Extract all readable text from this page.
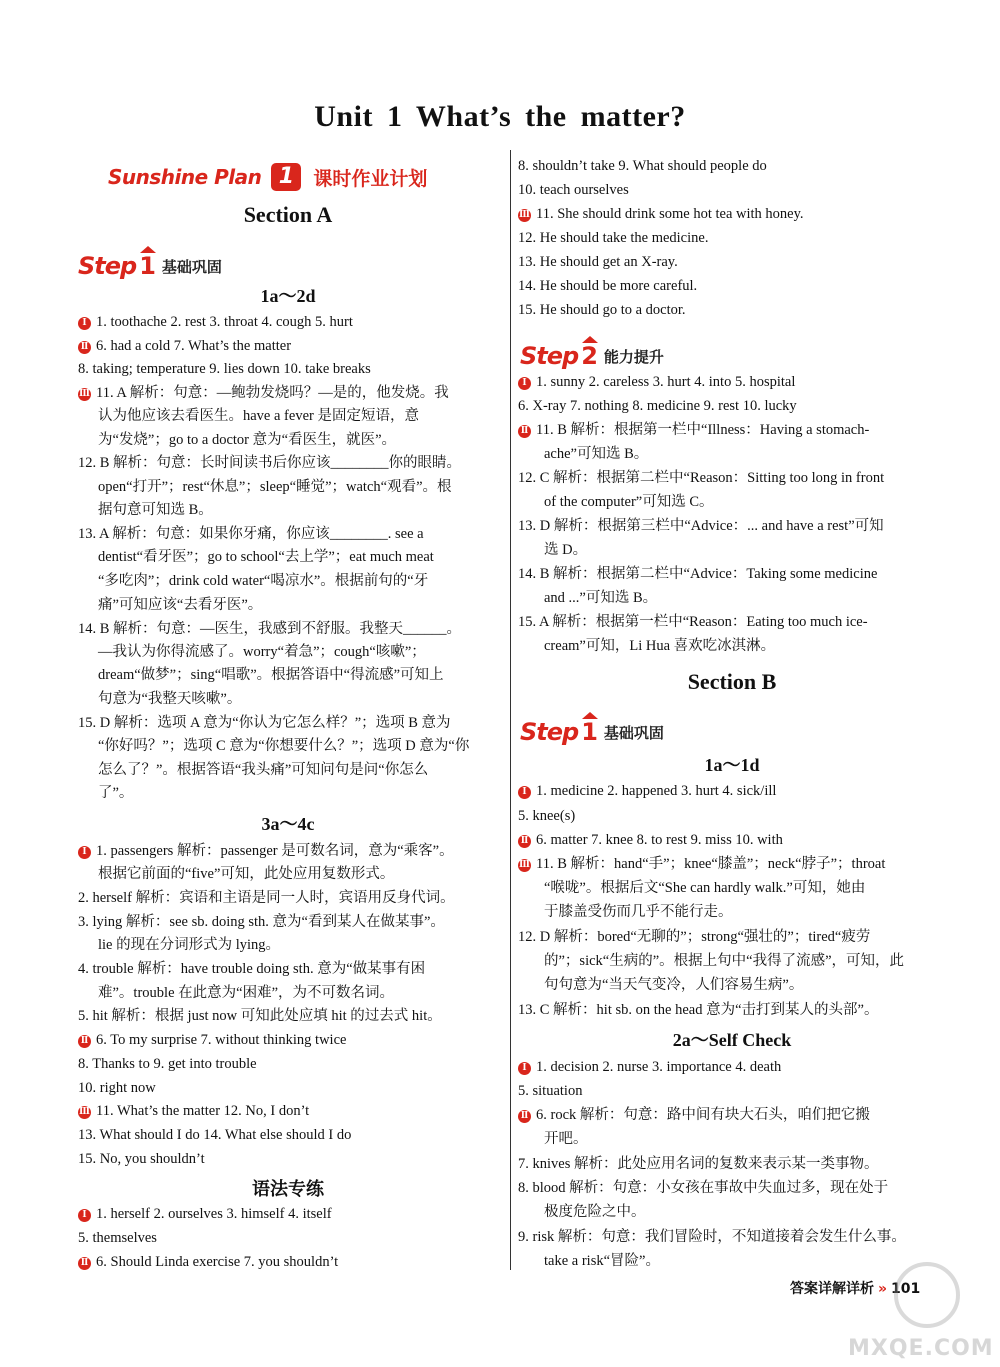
Unit 1 What’s the matter?
Sunshine Plan 1	课时作业计划
Section A
Step 1 基础巩固
1a～2d
Ⅰ 1. toothache 2. rest 3. throat 4. cough 5. hurt
Ⅱ 6. had a cold 7. What’s the matter
8. taking; temperature 9. lies down 10. take breaks
Ⅲ 11. A 解析：句意：—鲍勃发烧吗？—是的，他发烧。我
认为他应该去看医生。have a fever 是固定短语，意
为“发烧”；go to a doctor 意为“看医生，就医”。
12. B 解析：句意：长时间读书后你应该________你的眼睛。
open“打开”；rest“休息”；sleep“睡觉”；watch“观看”。根
据句意可知选 B。
13. A 解析：句意：如果你牙痛，你应该________. see a
dentist“看牙医”；go to school“去上学”；eat much meat
“多吃肉”；drink cold water“喝凉水”。根据前句的“牙
痛”可知应该“去看牙医”。
14. B 解析：句意：—医生，我感到不舒服。我整天______。
—我认为你得流感了。worry“着急”；cough“咳嗽”；
dream“做梦”；sing“唱歌”。根据答语中“得流感”可知上
句意为“我整天咳嗽”。
15. D 解析：选项 A 意为“你认为它怎么样？”；选项 B 意为
“你好吗？”；选项 C 意为“你想要什么？”；选项 D 意为“你
怎么了？”。根据答语“我头痛”可知问句是问“你怎么
了”。
3a～4c
Ⅰ 1. passengers 解析：passenger 是可数名词，意为“乘客”。
根据它前面的“five”可知，此处应用复数形式。
2. herself 解析：宾语和主语是同一人时，宾语用反身代词。
3. lying 解析：see sb. doing sth. 意为“看到某人在做某事”。
lie 的现在分词形式为 lying。
4. trouble 解析：have trouble doing sth. 意为“做某事有困
难”。trouble 在此意为“困难”，为不可数名词。
5. hit 解析：根据 just now 可知此处应填 hit 的过去式 hit。
Ⅱ 6. To my surprise 7. without thinking twice
8. Thanks to 9. get into trouble
10. right now
Ⅲ 11. What’s the matter 12. No, I don’t
13. What should I do 14. What else should I do
15. No, you shouldn’t
语法专练
Ⅰ 1. herself 2. ourselves 3. himself 4. itself
5. themselves
Ⅱ 6. Should Linda exercise 7. you shouldn’t
8. shouldn’t take 9. What should people do
10. teach ourselves
Ⅲ 11. She should drink some hot tea with honey.
12. He should take the medicine.
13. He should get an X-ray.
14. He should be more careful.
15. He should go to a doctor.
Step 2 能力提升
Ⅰ 1. sunny 2. careless 3. hurt 4. into 5. hospital
6. X-ray 7. nothing 8. medicine 9. rest 10. lucky
Ⅱ 11. B 解析：根据第一栏中“Illness：Having a stomach-
ache”可知选 B。
12. C 解析：根据第二栏中“Reason：Sitting too long in front
of the computer”可知选 C。
13. D 解析：根据第三栏中“Advice：... and have a rest”可知
选 D。
14. B 解析：根据第二栏中“Advice：Taking some medicine
and ...”可知选 B。
15. A 解析：根据第一栏中“Reason：Eating too much ice-
cream”可知，Li Hua 喜欢吃冰淇淋。
Section B
Step 1 基础巩固
1a～1d
Ⅰ 1. medicine 2. happened 3. hurt 4. sick/ill
5. knee(s)
Ⅱ 6. matter 7. knee 8. to rest 9. miss 10. with
Ⅲ 11. B 解析：hand“手”；knee“膝盖”；neck“脖子”；throat
“喉咙”。根据后文“She can hardly walk.”可知，她由
于膝盖受伤而几乎不能行走。
12. D 解析：bored“无聊的”；strong“强壮的”；tired“疲劳
的”；sick“生病的”。根据上句中“我得了流感”，可知，此
句句意为“当天气变冷，人们容易生病”。
13. C 解析：hit sb. on the head 意为“击打到某人的头部”。
2a～Self Check
Ⅰ 1. decision 2. nurse 3. importance 4. death
5. situation
Ⅱ 6. rock 解析：句意：路中间有块大石头，咱们把它搬
开吧。
7. knives 解析：此处应用名词的复数来表示某一类事物。
8. blood 解析：句意：小女孩在事故中失血过多，现在处于
极度危险之中。
9. risk 解析：句意：我们冒险时，不知道接着会发生什么事。
take a risk“冒险”。
答案详解详析 » 101
MXQE.COM
